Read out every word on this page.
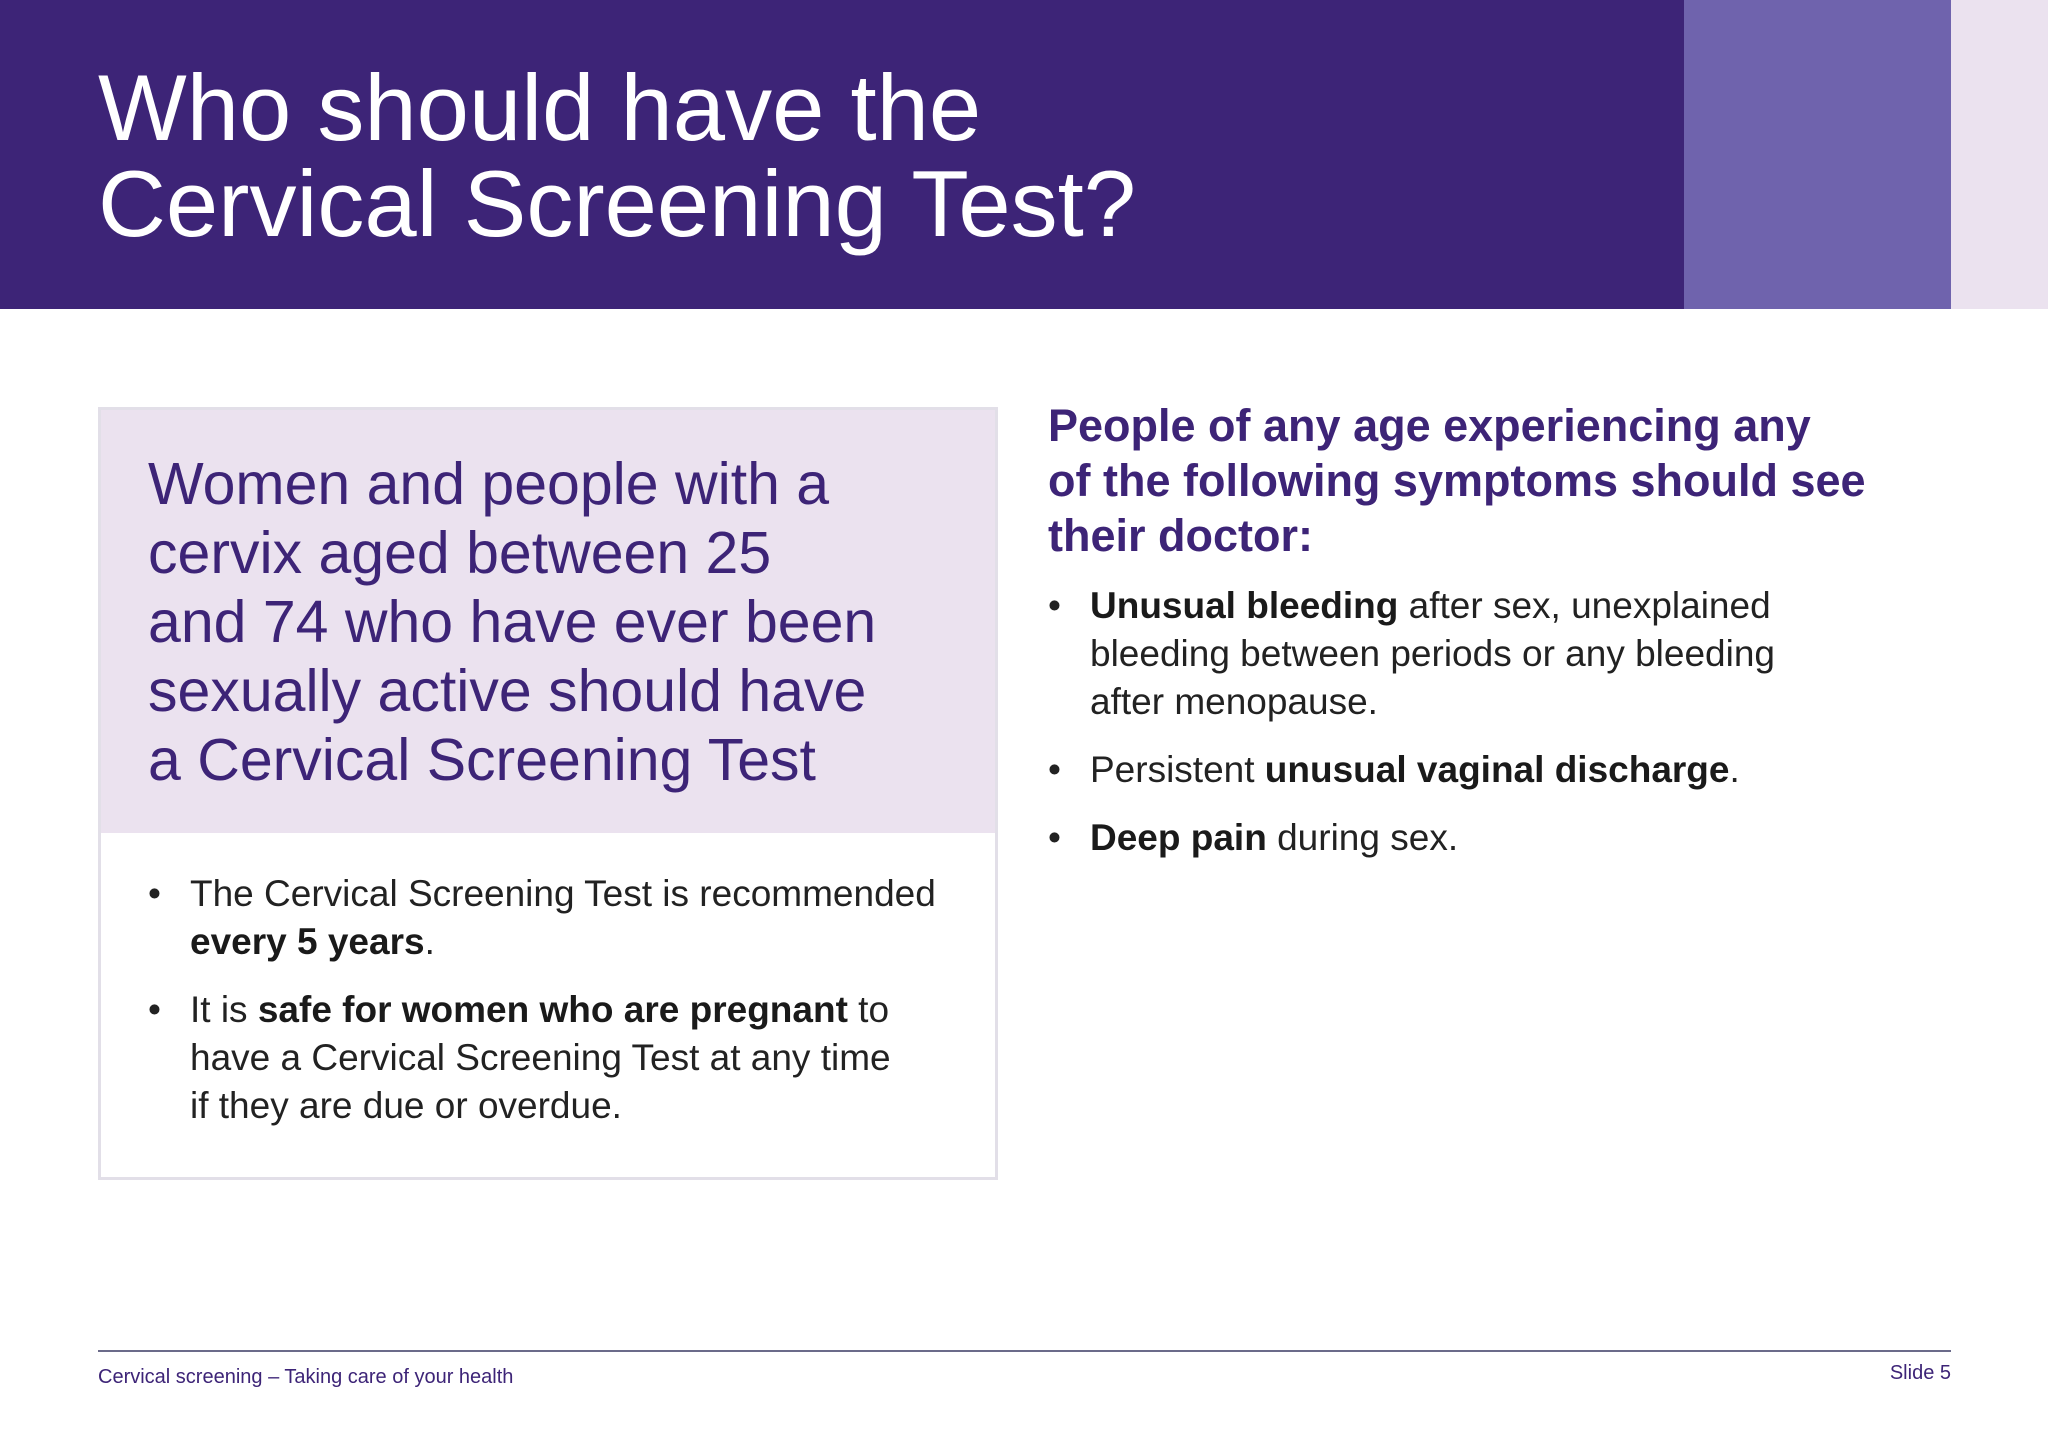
Who should have the
Cervical Screening Test?
Women and people with a
cervix aged between 25
and 74 who have ever been
sexually active should have
a Cervical Screening Test
• The Cervical Screening Test is recommended
every 5 years.
• It is safe for women who are pregnant to
have a Cervical Screening Test at any time
if they are due or overdue.
People of any age experiencing any
of the following symptoms should see
their doctor:
• Unusual bleeding after sex, unexplained
bleeding between periods or any bleeding
after menopause.
• Persistent unusual vaginal discharge.
• Deep pain during sex.
Cervical screening – Taking care of your health	Slide 5
